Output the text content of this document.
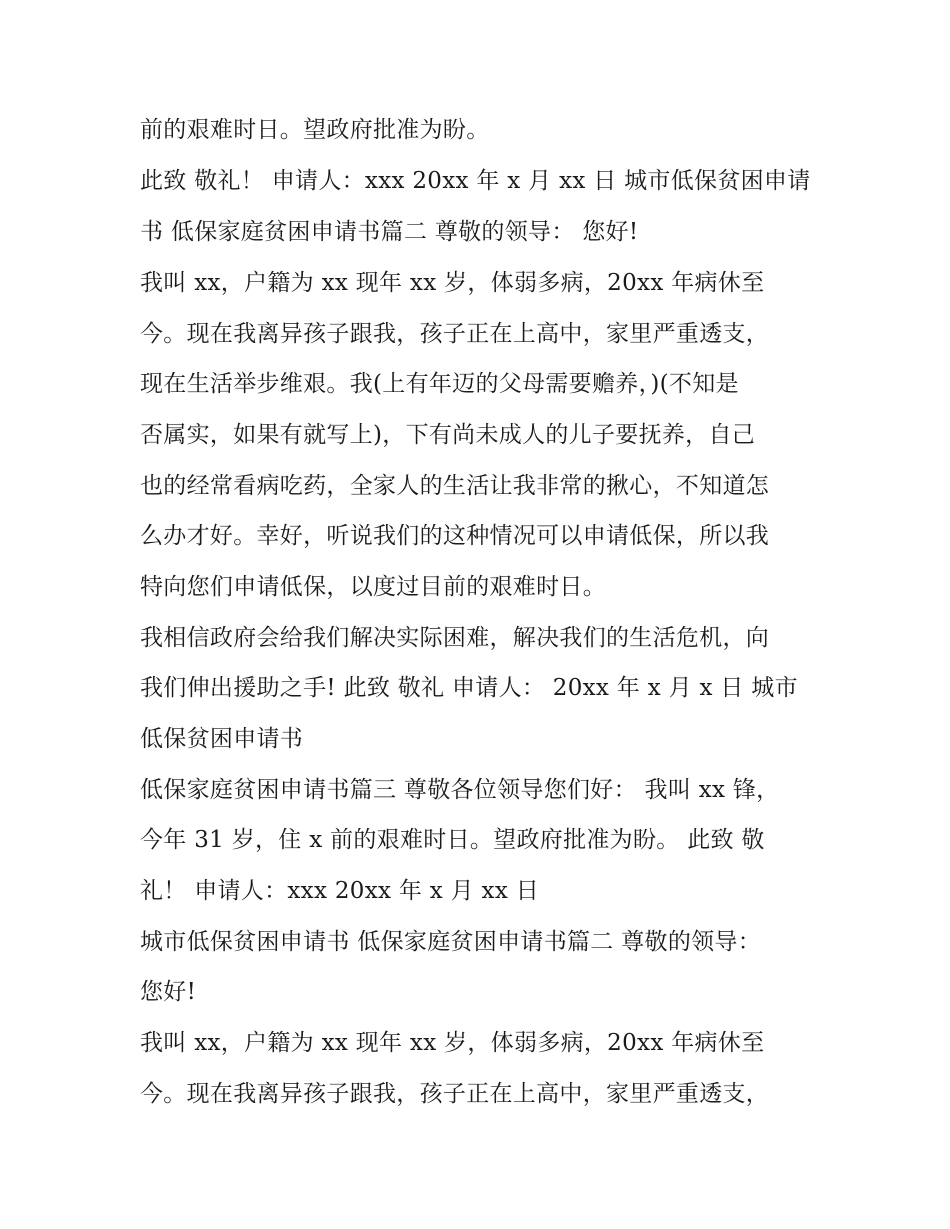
前的艰难时日。望政府批准为盼。

此致 敬礼！ 申请人：xxx 20xx 年 x 月 xx 日 城市低保贫困申请

书 低保家庭贫困申请书篇二 尊敬的领导： 您好!

我叫 xx，户籍为 xx 现年 xx 岁，体弱多病，20xx 年病休至

今。现在我离异孩子跟我，孩子正在上高中，家里严重透支，

现在生活举步维艰。我(上有年迈的父母需要赡养，)(不知是

否属实，如果有就写上)，下有尚未成人的儿子要抚养，自己

也的经常看病吃药，全家人的生活让我非常的揪心，不知道怎

么办才好。幸好，听说我们的这种情况可以申请低保，所以我

特向您们申请低保，以度过目前的艰难时日。

我相信政府会给我们解决实际困难，解决我们的生活危机，向

我们伸出援助之手! 此致 敬礼 申请人： 20xx 年 x 月 x 日 城市

低保贫困申请书

低保家庭贫困申请书篇三 尊敬各位领导您们好： 我叫 xx 锋，

今年 31 岁，住 x 前的艰难时日。望政府批准为盼。 此致 敬

礼！ 申请人：xxx 20xx 年 x 月 xx 日

城市低保贫困申请书 低保家庭贫困申请书篇二 尊敬的领导：

您好!

我叫 xx，户籍为 xx 现年 xx 岁，体弱多病，20xx 年病休至

今。现在我离异孩子跟我，孩子正在上高中，家里严重透支，
